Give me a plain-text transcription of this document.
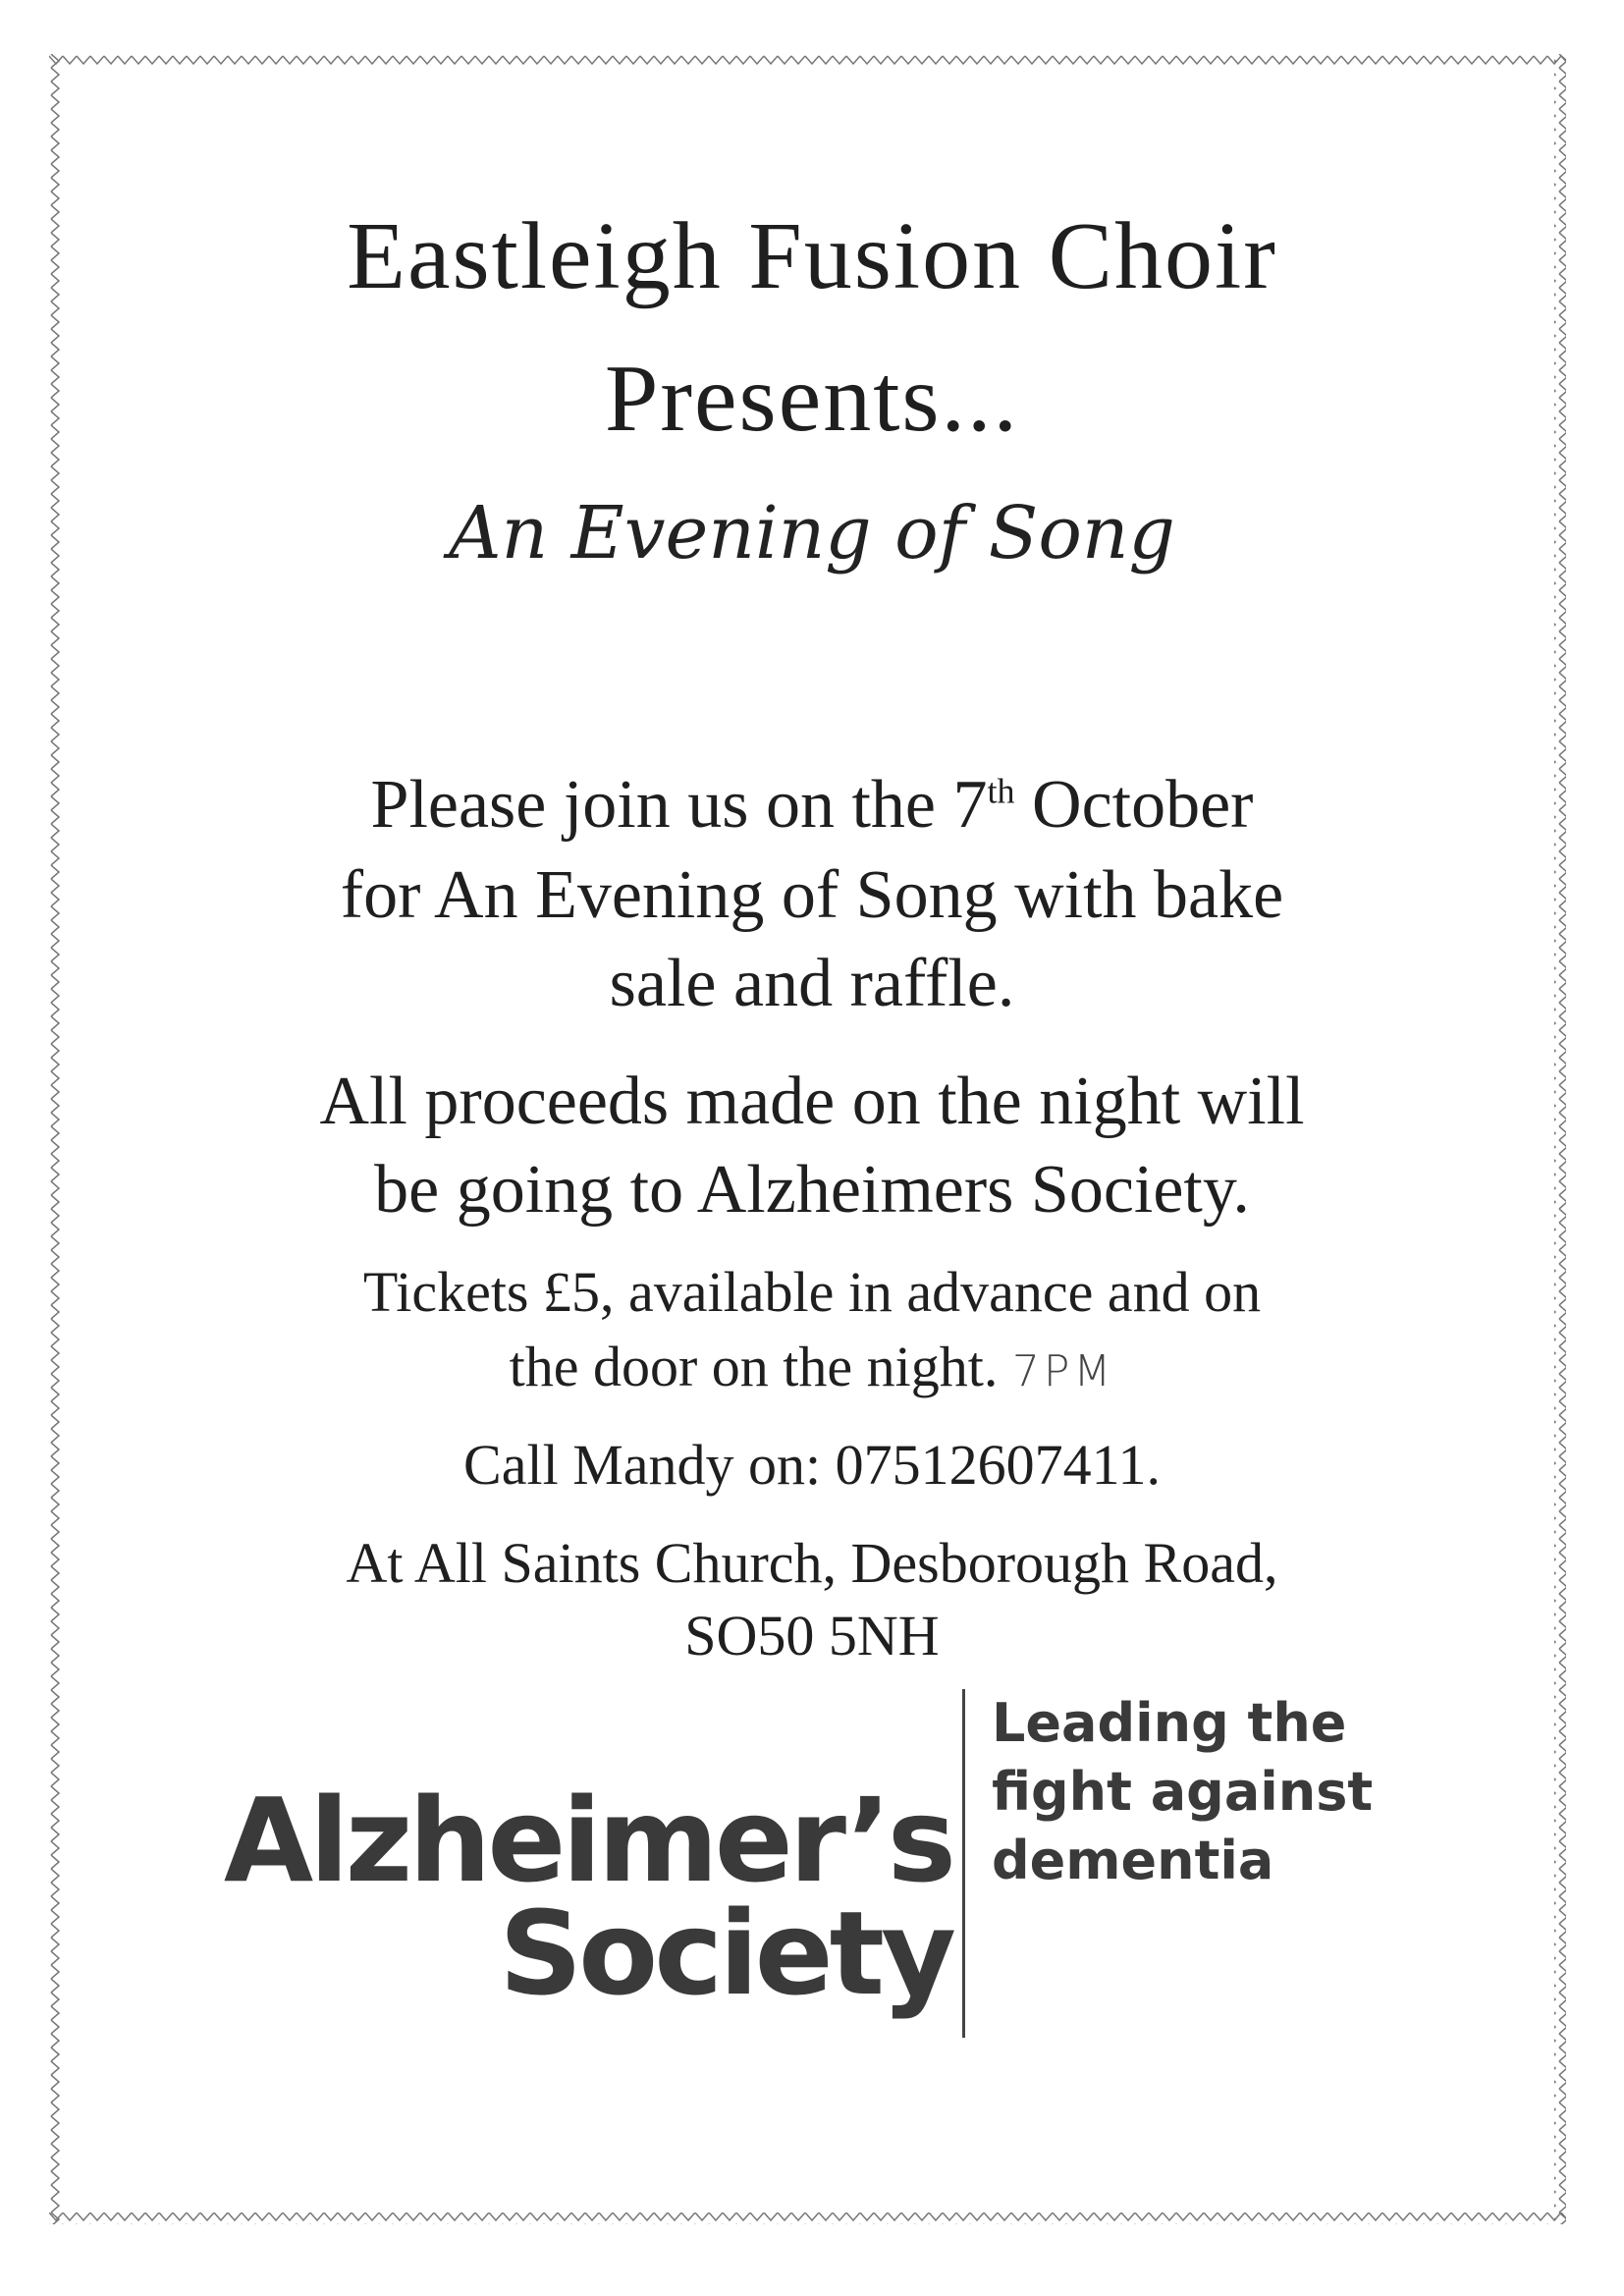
Eastleigh Fusion Choir
Presents...
An Evening of Song
Please join us on the 7th October
for An Evening of Song with bake
sale and raffle.
All proceeds made on the night will
be going to Alzheimers Society.
Tickets £5, available in advance and on
the door on the night. 7PM
Call Mandy on: 07512607411.
At All Saints Church, Desborough Road,
SO50 5NH
Alzheimer’s
Society
Leading the
fight against
dementia
